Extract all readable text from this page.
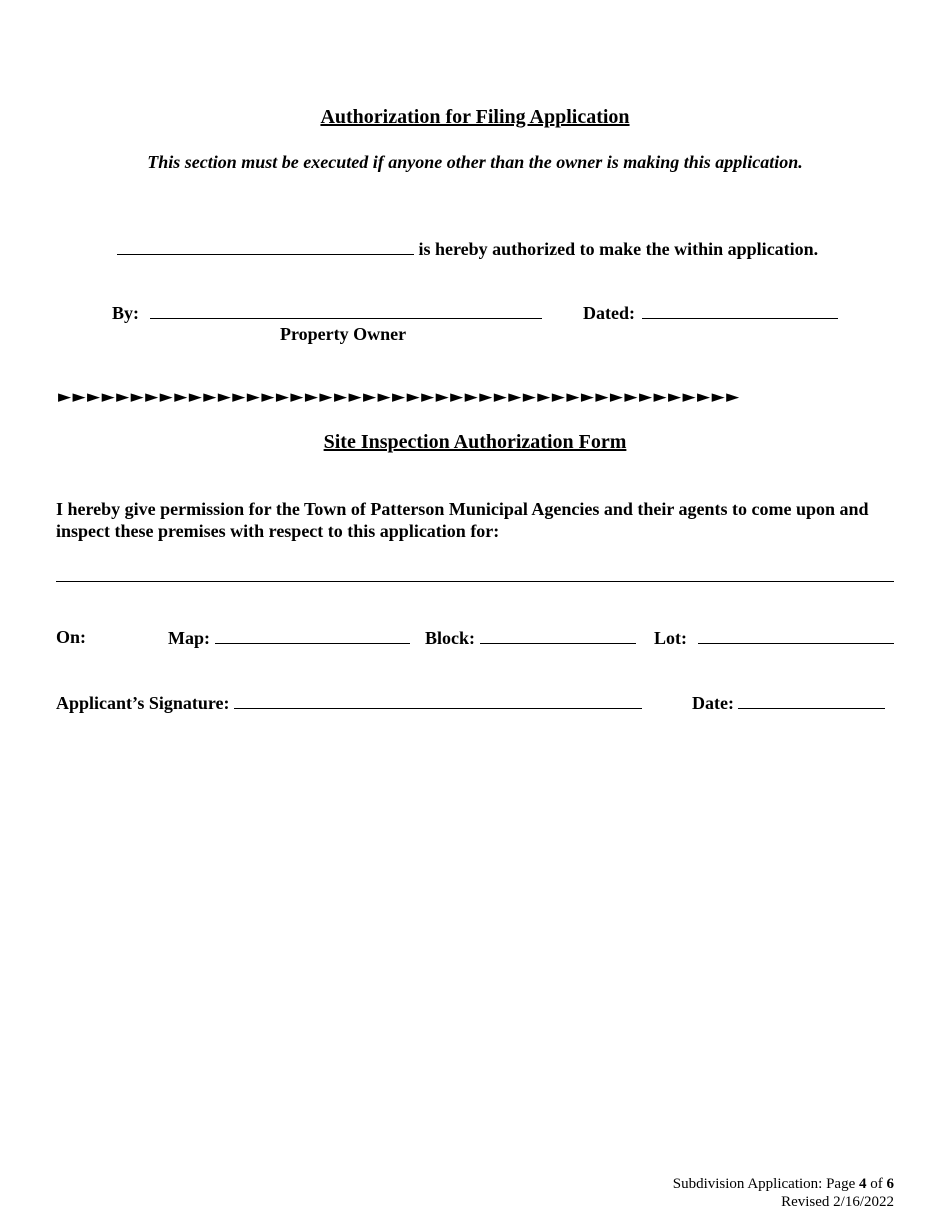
Authorization for Filing Application
This section must be executed if anyone other than the owner is making this application.
is hereby authorized to make the within application.
By:	Dated:
Property Owner
►►►►►►►►►►►►►►►►►►►►►►►►►►►►►►►►►►►►►►►►►►►►►►►
Site Inspection Authorization Form
I hereby give permission for the Town of Patterson Municipal Agencies and their agents to come upon and inspect these premises with respect to this application for:
On:	Map:	Block:	Lot:
Applicant’s Signature:	Date:
Subdivision Application: Page 4 of 6
Revised 2/16/2022
